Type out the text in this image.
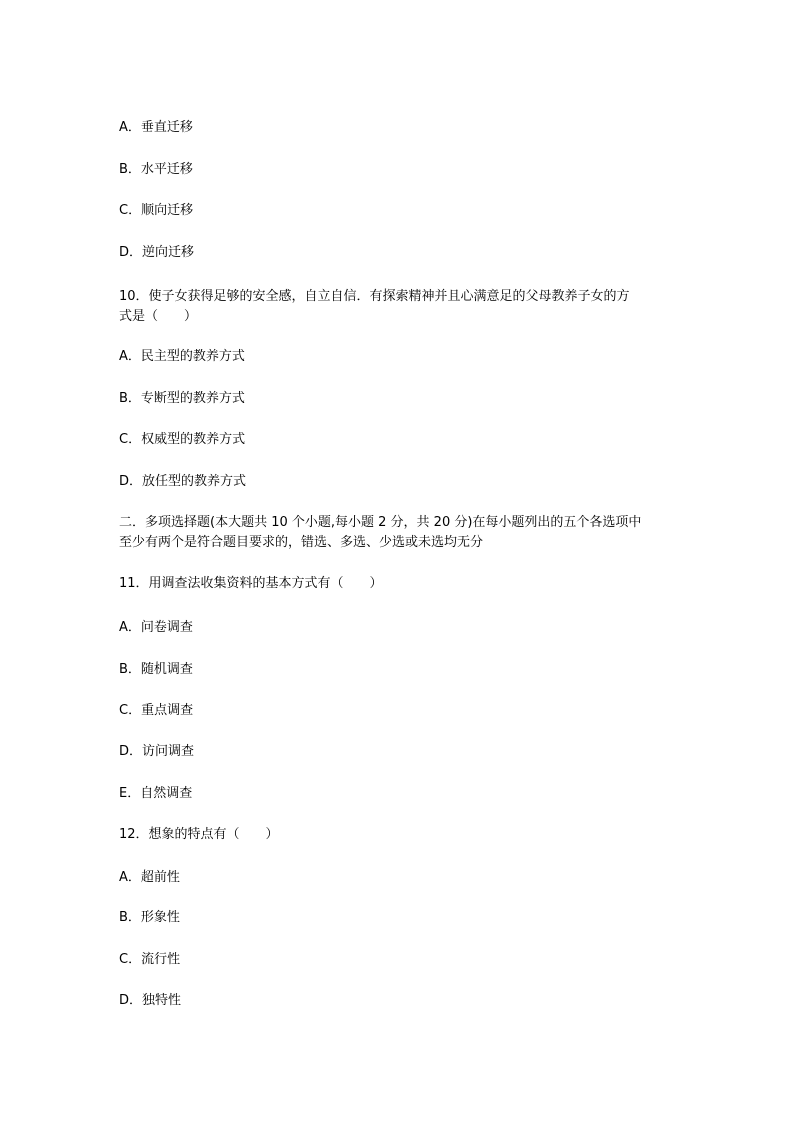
A．垂直迁移
B．水平迁移
C．顺向迁移
D．逆向迁移
10．使子女获得足够的安全感，自立自信．有探索精神并且心满意足的父母教养子女的方
式是（　　）
A．民主型的教养方式
B．专断型的教养方式
C．权威型的教养方式
D．放任型的教养方式
二．多项选择题(本大题共 10 个小题,每小题 2 分，共 20 分)在每小题列出的五个各选项中
至少有两个是符合题目要求的，错选、多选、少选或未选均无分
11．用调查法收集资料的基本方式有（　　）
A．问卷调查
B．随机调查
C．重点调查
D．访问调查
E．自然调查
12．想象的特点有（　　）
A．超前性
B．形象性
C．流行性
D．独特性
